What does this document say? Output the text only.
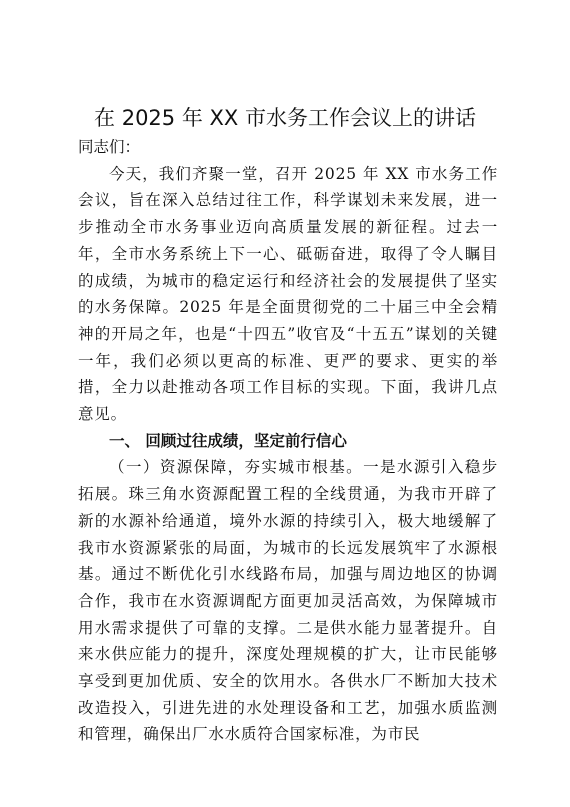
在 2025 年 XX 市水务工作会议上的讲话

同志们：

今天，我们齐聚一堂，召开 2025 年 XX 市水务工作会议，旨在深入总结过往工作，科学谋划未来发展，进一步推动全市水务事业迈向高质量发展的新征程。过去一年，全市水务系统上下一心、砥砺奋进，取得了令人瞩目的成绩，为城市的稳定运行和经济社会的发展提供了坚实的水务保障。2025 年是全面贯彻党的二十届三中全会精神的开局之年，也是“十四五”收官及“十五五”谋划的关键一年，我们必须以更高的标准、更严的要求、更实的举措，全力以赴推动各项工作目标的实现。下面，我讲几点意见。

一、 回顾过往成绩，坚定前行信心

（一）资源保障，夯实城市根基。一是水源引入稳步拓展。珠三角水资源配置工程的全线贯通，为我市开辟了新的水源补给通道，境外水源的持续引入，极大地缓解了我市水资源紧张的局面，为城市的长远发展筑牢了水源根基。通过不断优化引水线路布局，加强与周边地区的协调合作，我市在水资源调配方面更加灵活高效，为保障城市用水需求提供了可靠的支撑。二是供水能力显著提升。自来水供应能力的提升，深度处理规模的扩大，让市民能够享受到更加优质、安全的饮用水。各供水厂不断加大技术改造投入，引进先进的水处理设备和工艺，加强水质监测和管理，确保出厂水水质符合国家标准，为市民
